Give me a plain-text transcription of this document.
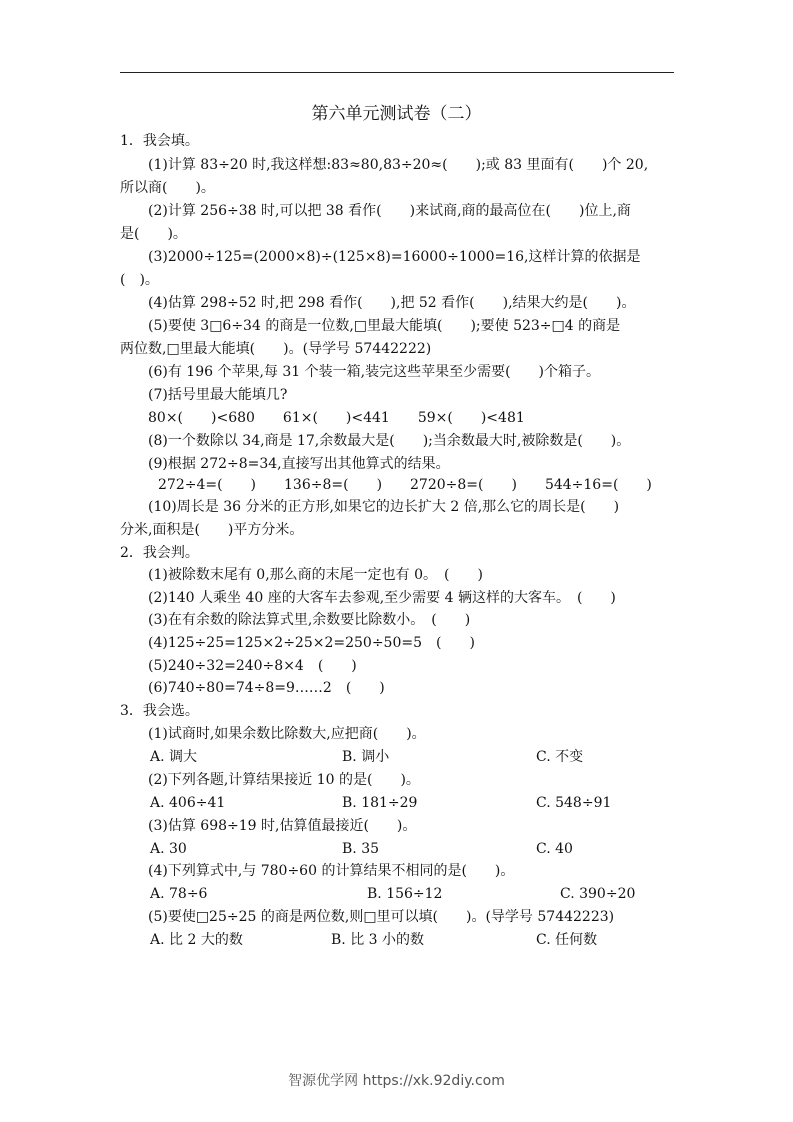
第六单元测试卷（二）
1．我会填。
(1)计算 83÷20 时,我这样想:83≈80,83÷20≈(　　);或 83 里面有(　　)个 20,
所以商(　　)。
(2)计算 256÷38 时,可以把 38 看作(　　)来试商,商的最高位在(　　)位上,商
是(　　)。
(3)2000÷125=(2000×8)÷(125×8)=16000÷1000=16,这样计算的依据是
(　)。
(4)估算 298÷52 时,把 298 看作(　　),把 52 看作(　　),结果大约是(　　)。
(5)要使 3□6÷34 的商是一位数,□里最大能填(　　);要使 523÷□4 的商是
两位数,□里最大能填(　　)。(导学号 57442222)
(6)有 196 个苹果,每 31 个装一箱,装完这些苹果至少需要(　　)个箱子。
(7)括号里最大能填几?
80×(　　)<680　　61×(　　)<441　　59×(　　)<481
(8)一个数除以 34,商是 17,余数最大是(　　);当余数最大时,被除数是(　　)。
(9)根据 272÷8=34,直接写出其他算式的结果。
272÷4=(　　)　　136÷8=(　　)　　2720÷8=(　　)　　544÷16=(　　)
(10)周长是 36 分米的正方形,如果它的边长扩大 2 倍,那么它的周长是(　　)
分米,面积是(　　)平方分米。
2．我会判。
(1)被除数末尾有 0,那么商的末尾一定也有 0。　(　　)
(2)140 人乘坐 40 座的大客车去参观,至少需要 4 辆这样的大客车。　(　　)
(3)在有余数的除法算式里,余数要比除数小。　(　　)
(4)125÷25=125×2÷25×2=250÷50=5　(　　)
(5)240÷32=240÷8×4　(　　)
(6)740÷80=74÷8=9……2　(　　)
3．我会选。
(1)试商时,如果余数比除数大,应把商(　　)。
A. 调大	B. 调小	C. 不变
(2)下列各题,计算结果接近 10 的是(　　)。
A. 406÷41	B. 181÷29	C. 548÷91
(3)估算 698÷19 时,估算值最接近(　　)。
A. 30	B. 35	C. 40
(4)下列算式中,与 780÷60 的计算结果不相同的是(　　)。
A. 78÷6	B. 156÷12	C. 390÷20
(5)要使□25÷25 的商是两位数,则□里可以填(　　)。(导学号 57442223)
A. 比 2 大的数	B. 比 3 小的数	C. 任何数
智源优学网 https://xk.92diy.com
